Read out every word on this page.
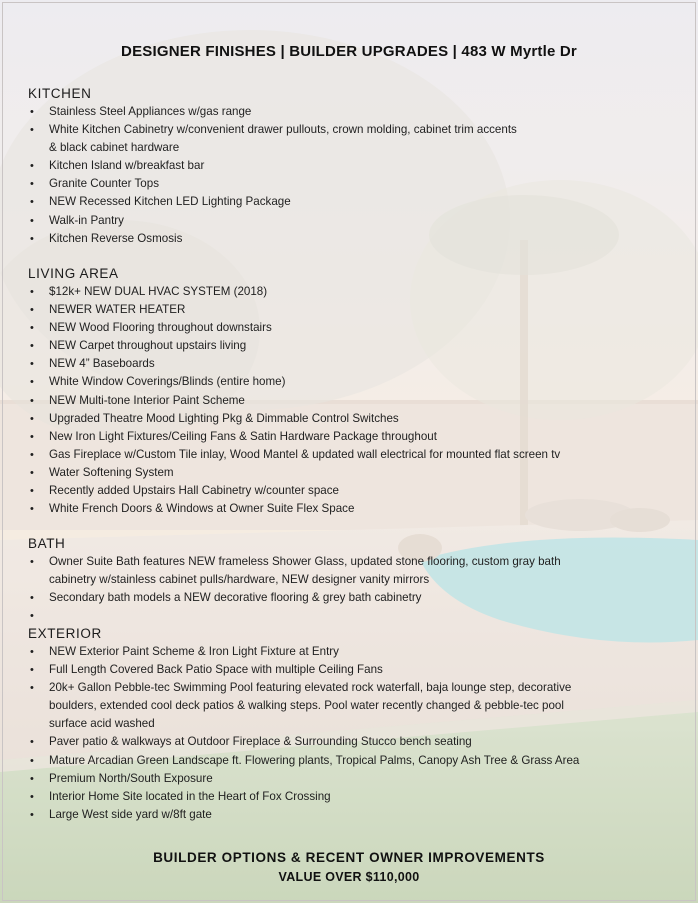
DESIGNER FINISHES | BUILDER UPGRADES | 483 W Myrtle Dr
KITCHEN
• Stainless Steel Appliances w/gas range
• White Kitchen Cabinetry w/convenient drawer pullouts, crown molding, cabinet trim accents
& black cabinet hardware
• Kitchen Island w/breakfast bar
• Granite Counter Tops
• NEW Recessed Kitchen LED Lighting Package
• Walk-in Pantry
• Kitchen Reverse Osmosis
LIVING AREA
• $12k+ NEW DUAL HVAC SYSTEM (2018)
• NEWER WATER HEATER
• NEW Wood Flooring throughout downstairs
• NEW Carpet throughout upstairs living
• NEW 4” Baseboards
• White Window Coverings/Blinds (entire home)
• NEW Multi-tone Interior Paint Scheme
• Upgraded Theatre Mood Lighting Pkg & Dimmable Control Switches
• New Iron Light Fixtures/Ceiling Fans & Satin Hardware Package throughout
• Gas Fireplace w/Custom Tile inlay, Wood Mantel & updated wall electrical for mounted flat screen tv
• Water Softening System
• Recently added Upstairs Hall Cabinetry w/counter space
• White French Doors & Windows at Owner Suite Flex Space
BATH
• Owner Suite Bath features NEW frameless Shower Glass, updated stone flooring, custom gray bath
cabinetry w/stainless cabinet pulls/hardware, NEW designer vanity mirrors
• Secondary bath models a NEW decorative flooring & grey bath cabinetry
•

EXTERIOR
• NEW Exterior Paint Scheme & Iron Light Fixture at Entry
• Full Length Covered Back Patio Space with multiple Ceiling Fans
• 20k+ Gallon Pebble-tec Swimming Pool featuring elevated rock waterfall, baja lounge step, decorative
boulders, extended cool deck patios & walking steps. Pool water recently changed & pebble-tec pool
surface acid washed
• Paver patio & walkways at Outdoor Fireplace & Surrounding Stucco bench seating
• Mature Arcadian Green Landscape ft. Flowering plants, Tropical Palms, Canopy Ash Tree & Grass Area
• Premium North/South Exposure
• Interior Home Site located in the Heart of Fox Crossing
• Large West side yard w/8ft gate
BUILDER OPTIONS & RECENT OWNER IMPROVEMENTS
VALUE OVER $110,000
